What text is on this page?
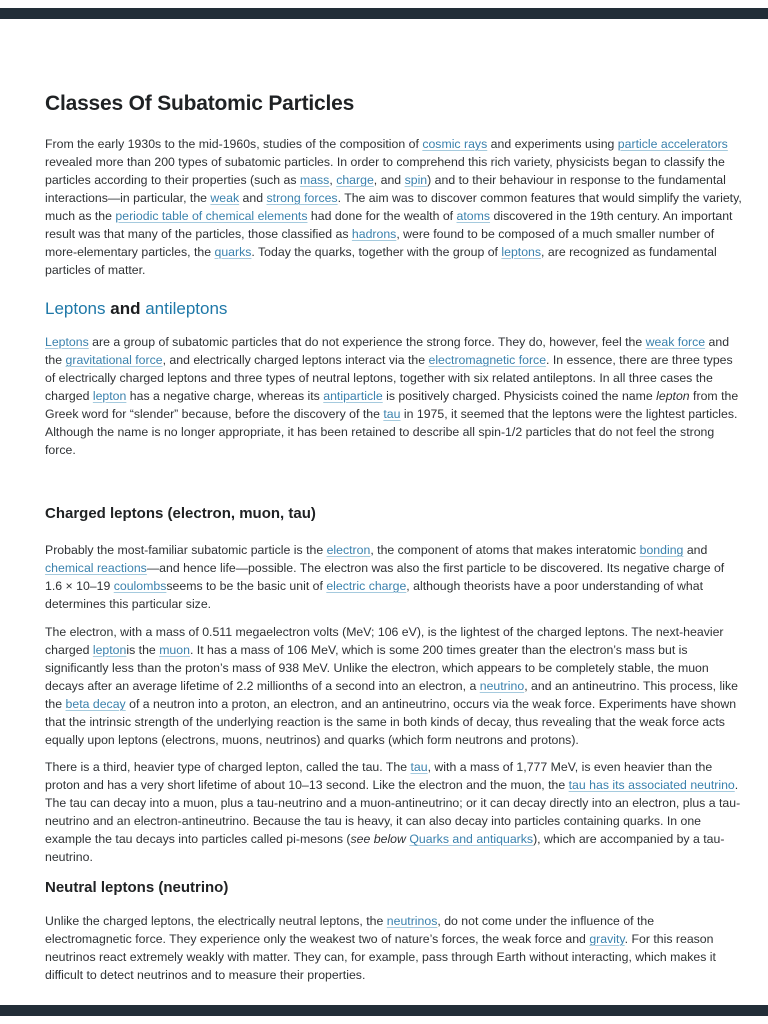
Classes Of Subatomic Particles

From the early 1930s to the mid-1960s, studies of the composition of cosmic rays and experiments using particle accelerators revealed more than 200 types of subatomic particles. In order to comprehend this rich variety, physicists began to classify the particles according to their properties (such as mass, charge, and spin) and to their behaviour in response to the fundamental interactions—in particular, the weak and strong forces. The aim was to discover common features that would simplify the variety, much as the periodic table of chemical elements had done for the wealth of atoms discovered in the 19th century. An important result was that many of the particles, those classified as hadrons, were found to be composed of a much smaller number of more-elementary particles, the quarks. Today the quarks, together with the group of leptons, are recognized as fundamental particles of matter.

Leptons and antileptons

Leptons are a group of subatomic particles that do not experience the strong force. They do, however, feel the weak force and the gravitational force, and electrically charged leptons interact via the electromagnetic force. In essence, there are three types of electrically charged leptons and three types of neutral leptons, together with six related antileptons. In all three cases the charged lepton has a negative charge, whereas its antiparticle is positively charged. Physicists coined the name lepton from the Greek word for “slender” because, before the discovery of the tau in 1975, it seemed that the leptons were the lightest particles. Although the name is no longer appropriate, it has been retained to describe all spin-1/2 particles that do not feel the strong force.

Charged leptons (electron, muon, tau)

Probably the most-familiar subatomic particle is the electron, the component of atoms that makes interatomic bonding and chemical reactions—and hence life—possible. The electron was also the first particle to be discovered. Its negative charge of 1.6 × 10–19 coulombsseems to be the basic unit of electric charge, although theorists have a poor understanding of what determines this particular size.

The electron, with a mass of 0.511 megaelectron volts (MeV; 106 eV), is the lightest of the charged leptons. The next-heavier charged leptonis the muon. It has a mass of 106 MeV, which is some 200 times greater than the electron’s mass but is significantly less than the proton’s mass of 938 MeV. Unlike the electron, which appears to be completely stable, the muon decays after an average lifetime of 2.2 millionths of a second into an electron, a neutrino, and an antineutrino. This process, like the beta decay of a neutron into a proton, an electron, and an antineutrino, occurs via the weak force. Experiments have shown that the intrinsic strength of the underlying reaction is the same in both kinds of decay, thus revealing that the weak force acts equally upon leptons (electrons, muons, neutrinos) and quarks (which form neutrons and protons).

There is a third, heavier type of charged lepton, called the tau. The tau, with a mass of 1,777 MeV, is even heavier than the proton and has a very short lifetime of about 10–13 second. Like the electron and the muon, the tau has its associated neutrino. The tau can decay into a muon, plus a tau-neutrino and a muon-antineutrino; or it can decay directly into an electron, plus a tau-neutrino and an electron-antineutrino. Because the tau is heavy, it can also decay into particles containing quarks. In one example the tau decays into particles called pi-mesons (see below Quarks and antiquarks), which are accompanied by a tau-neutrino.

Neutral leptons (neutrino)

Unlike the charged leptons, the electrically neutral leptons, the neutrinos, do not come under the influence of the electromagnetic force. They experience only the weakest two of nature’s forces, the weak force and gravity. For this reason neutrinos react extremely weakly with matter. They can, for example, pass through Earth without interacting, which makes it difficult to detect neutrinos and to measure their properties.
